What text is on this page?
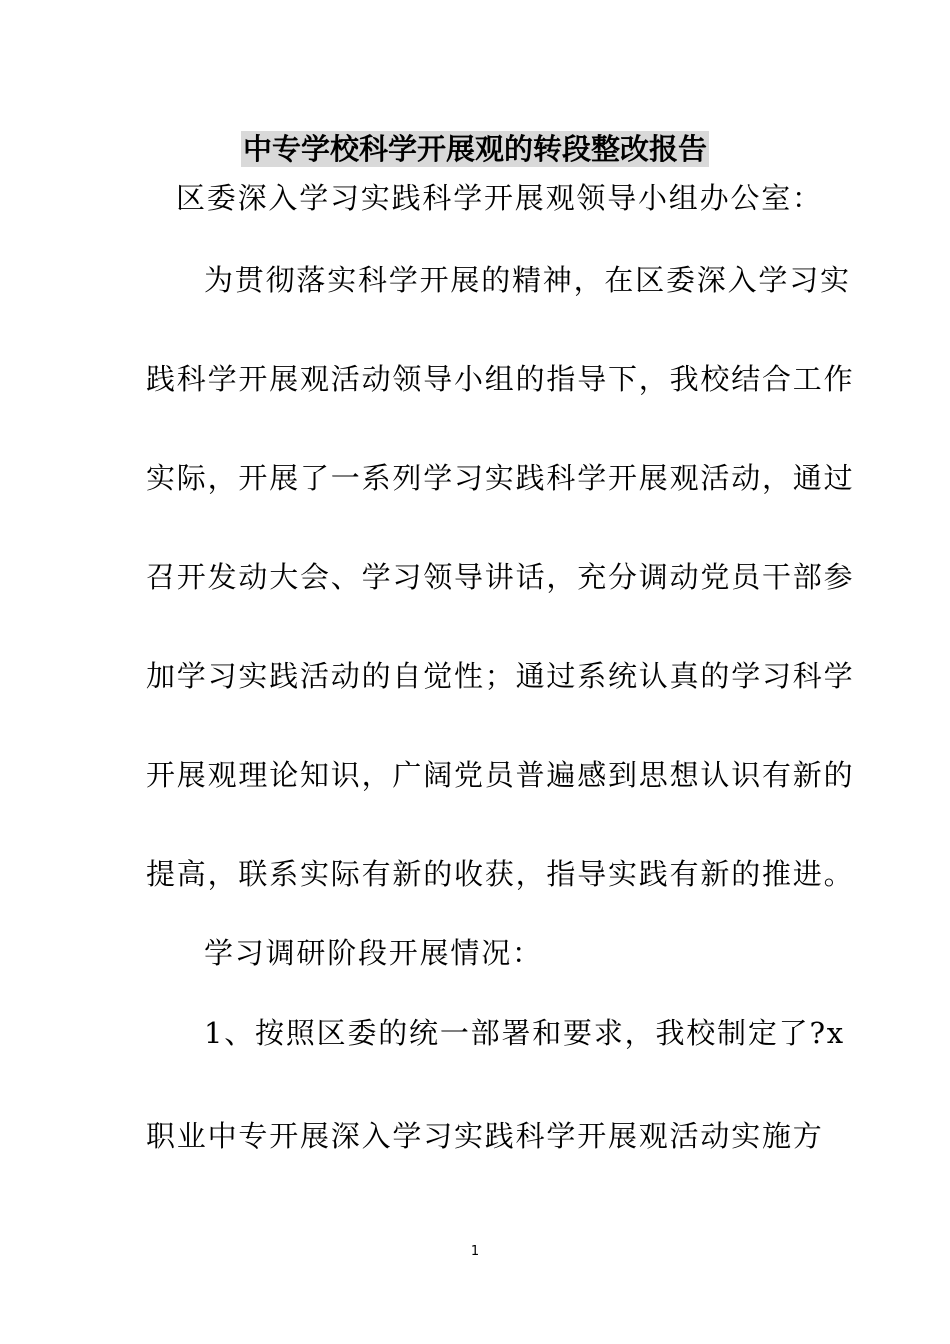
中专学校科学开展观的转段整改报告
区委深入学习实践科学开展观领导小组办公室：
为贯彻落实科学开展的精神，在区委深入学习实
践科学开展观活动领导小组的指导下，我校结合工作
实际，开展了一系列学习实践科学开展观活动，通过
召开发动大会、学习领导讲话，充分调动党员干部参
加学习实践活动的自觉性；通过系统认真的学习科学
开展观理论知识，广阔党员普遍感到思想认识有新的
提高，联系实际有新的收获，指导实践有新的推进。
学习调研阶段开展情况：
1、按照区委的统一部署和要求，我校制定了?x
职业中专开展深入学习实践科学开展观活动实施方
1
